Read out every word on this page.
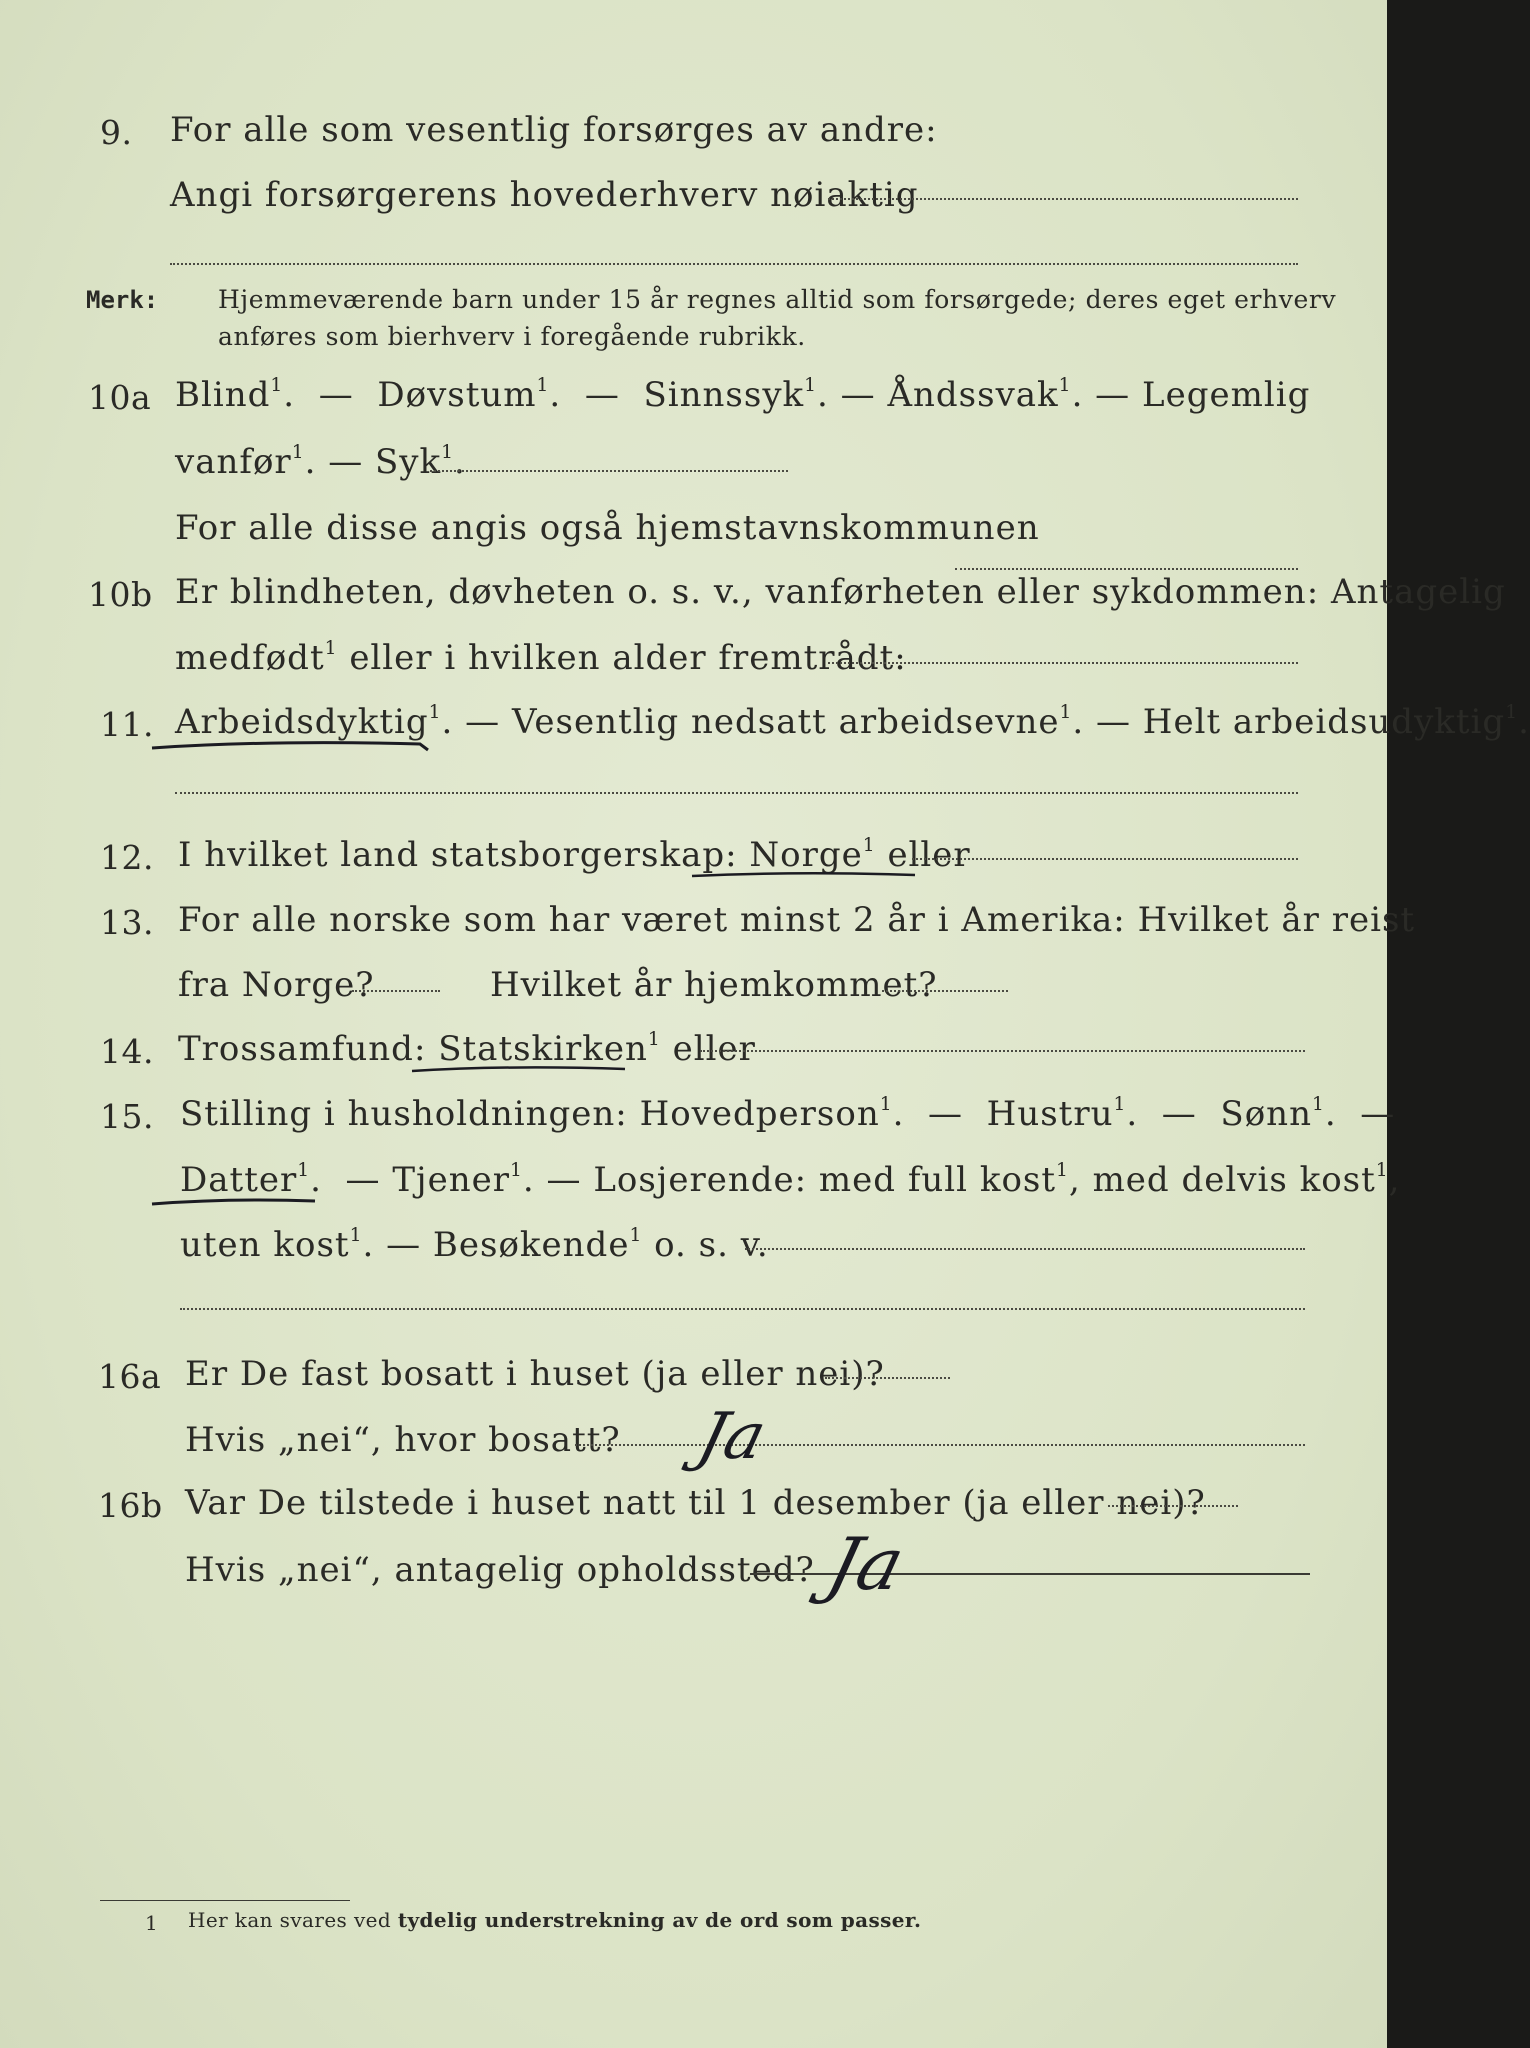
9. For alle som vesentlig forsørges av andre:
Angi forsørgerens hovederhverv nøiaktig
Merk: Hjemmeværende barn under 15 år regnes alltid som forsørgede; deres eget erhverv
anføres som bierhverv i foregående rubrikk.
10a Blind$^1$.  —  Døvstum$^1$.  —  Sinnssyk$^1$. — Åndssvak$^1$. — Legemlig
vanfør$^1$. — Syk$^1$.
For alle disse angis også hjemstavnskommunen
10b Er blindheten, døvheten o. s. v., vanførheten eller sykdommen: Antagelig
medfødt$^1$ eller i hvilken alder fremtrådt:
11. Arbeidsdyktig$^1$. — Vesentlig nedsatt arbeidsevne$^1$. — Helt arbeidsudyktig$^1$.
12. I hvilket land statsborgerskap: Norge$^1$ eller
13. For alle norske som har været minst 2 år i Amerika: Hvilket år reist
fra Norge?	Hvilket år hjemkommet?
14. Trossamfund: Statskirken$^1$ eller
15. Stilling i husholdningen: Hovedperson$^1$.  —  Hustru$^1$.  —  Sønn$^1$.  —
Datter$^1$.  — Tjener$^1$. — Losjerende: med full kost$^1$, med delvis kost$^1$,
uten kost$^1$. — Besøkende$^1$ o. s. v.
16a Er De fast bosatt i huset (ja eller nei)?
Hvis „nei“, hvor bosatt? Ja
16b Var De tilstede i huset natt til 1 desember (ja eller nei)?
Hvis „nei“, antagelig opholdssted? Ja
1 Her kan svares ved tydelig understrekning av de ord som passer.
